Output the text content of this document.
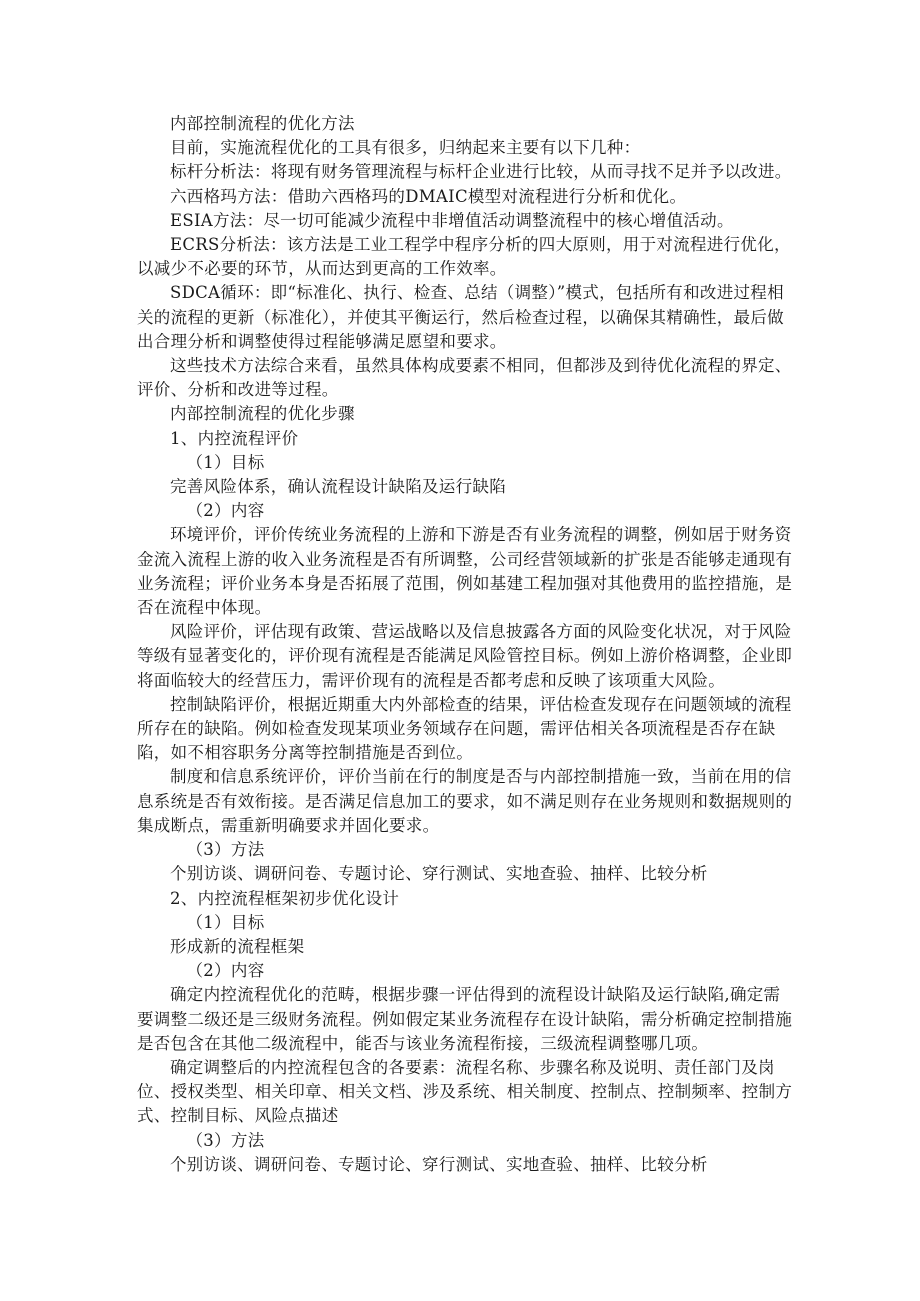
内部控制流程的优化方法

目前，实施流程优化的工具有很多，归纳起来主要有以下几种：

标杆分析法：将现有财务管理流程与标杆企业进行比较，从而寻找不足并予以改进。

六西格玛方法：借助六西格玛的DMAIC模型对流程进行分析和优化。

ESIA方法：尽一切可能减少流程中非增值活动调整流程中的核心增值活动。

ECRS分析法：该方法是工业工程学中程序分析的四大原则，用于对流程进行优化，以减少不必要的环节，从而达到更高的工作效率。

SDCA循环：即“标准化、执行、检查、总结（调整）”模式，包括所有和改进过程相关的流程的更新（标准化），并使其平衡运行，然后检查过程，以确保其精确性，最后做出合理分析和调整使得过程能够满足愿望和要求。

这些技术方法综合来看，虽然具体构成要素不相同，但都涉及到待优化流程的界定、评价、分析和改进等过程。

内部控制流程的优化步骤

1、内控流程评价

（1）目标

完善风险体系，确认流程设计缺陷及运行缺陷

（2）内容

环境评价，评价传统业务流程的上游和下游是否有业务流程的调整，例如居于财务资金流入流程上游的收入业务流程是否有所调整，公司经营领域新的扩张是否能够走通现有业务流程；评价业务本身是否拓展了范围，例如基建工程加强对其他费用的监控措施，是否在流程中体现。

风险评价，评估现有政策、营运战略以及信息披露各方面的风险变化状况，对于风险等级有显著变化的，评价现有流程是否能满足风险管控目标。例如上游价格调整，企业即将面临较大的经营压力，需评价现有的流程是否都考虑和反映了该项重大风险。

控制缺陷评价，根据近期重大内外部检查的结果，评估检查发现存在问题领域的流程所存在的缺陷。例如检查发现某项业务领域存在问题，需评估相关各项流程是否存在缺陷，如不相容职务分离等控制措施是否到位。

制度和信息系统评价，评价当前在行的制度是否与内部控制措施一致，当前在用的信息系统是否有效衔接。是否满足信息加工的要求，如不满足则存在业务规则和数据规则的集成断点，需重新明确要求并固化要求。

（3）方法

个别访谈、调研问卷、专题讨论、穿行测试、实地查验、抽样、比较分析

2、内控流程框架初步优化设计

（1）目标

形成新的流程框架

（2）内容

确定内控流程优化的范畴，根据步骤一评估得到的流程设计缺陷及运行缺陷,确定需要调整二级还是三级财务流程。例如假定某业务流程存在设计缺陷，需分析确定控制措施是否包含在其他二级流程中，能否与该业务流程衔接，三级流程调整哪几项。

确定调整后的内控流程包含的各要素：流程名称、步骤名称及说明、责任部门及岗位、授权类型、相关印章、相关文档、涉及系统、相关制度、控制点、控制频率、控制方式、控制目标、风险点描述

（3）方法

个别访谈、调研问卷、专题讨论、穿行测试、实地查验、抽样、比较分析
